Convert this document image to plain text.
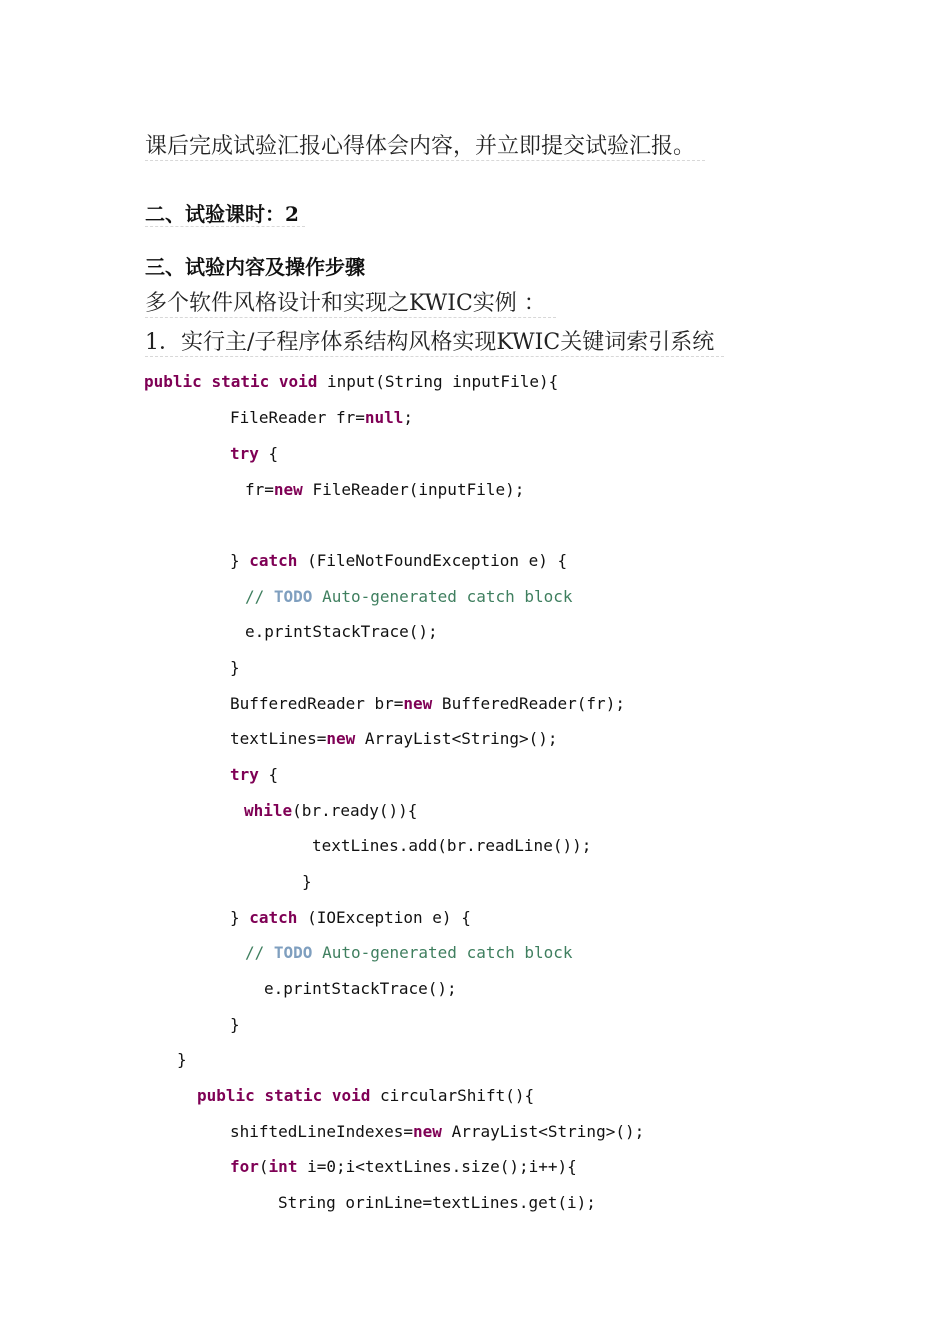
课后完成试验汇报心得体会内容，并立即提交试验汇报。
二、试验课时：2
三、试验内容及操作步骤
多个软件风格设计和实现之KWIC实例 ：
1．实行主/子程序体系结构风格实现KWIC关键词索引系统
public static void input(String inputFile){
FileReader fr=null;
try {
fr=new FileReader(inputFile);
} catch (FileNotFoundException e) {
// TODO Auto-generated catch block
e.printStackTrace();
}
BufferedReader br=new BufferedReader(fr);
textLines=new ArrayList<String>();
try {
while(br.ready()){
textLines.add(br.readLine());
}
} catch (IOException e) {
// TODO Auto-generated catch block
e.printStackTrace();
}
}
public static void circularShift(){
shiftedLineIndexes=new ArrayList<String>();
for(int i=0;i<textLines.size();i++){
String orinLine=textLines.get(i);
